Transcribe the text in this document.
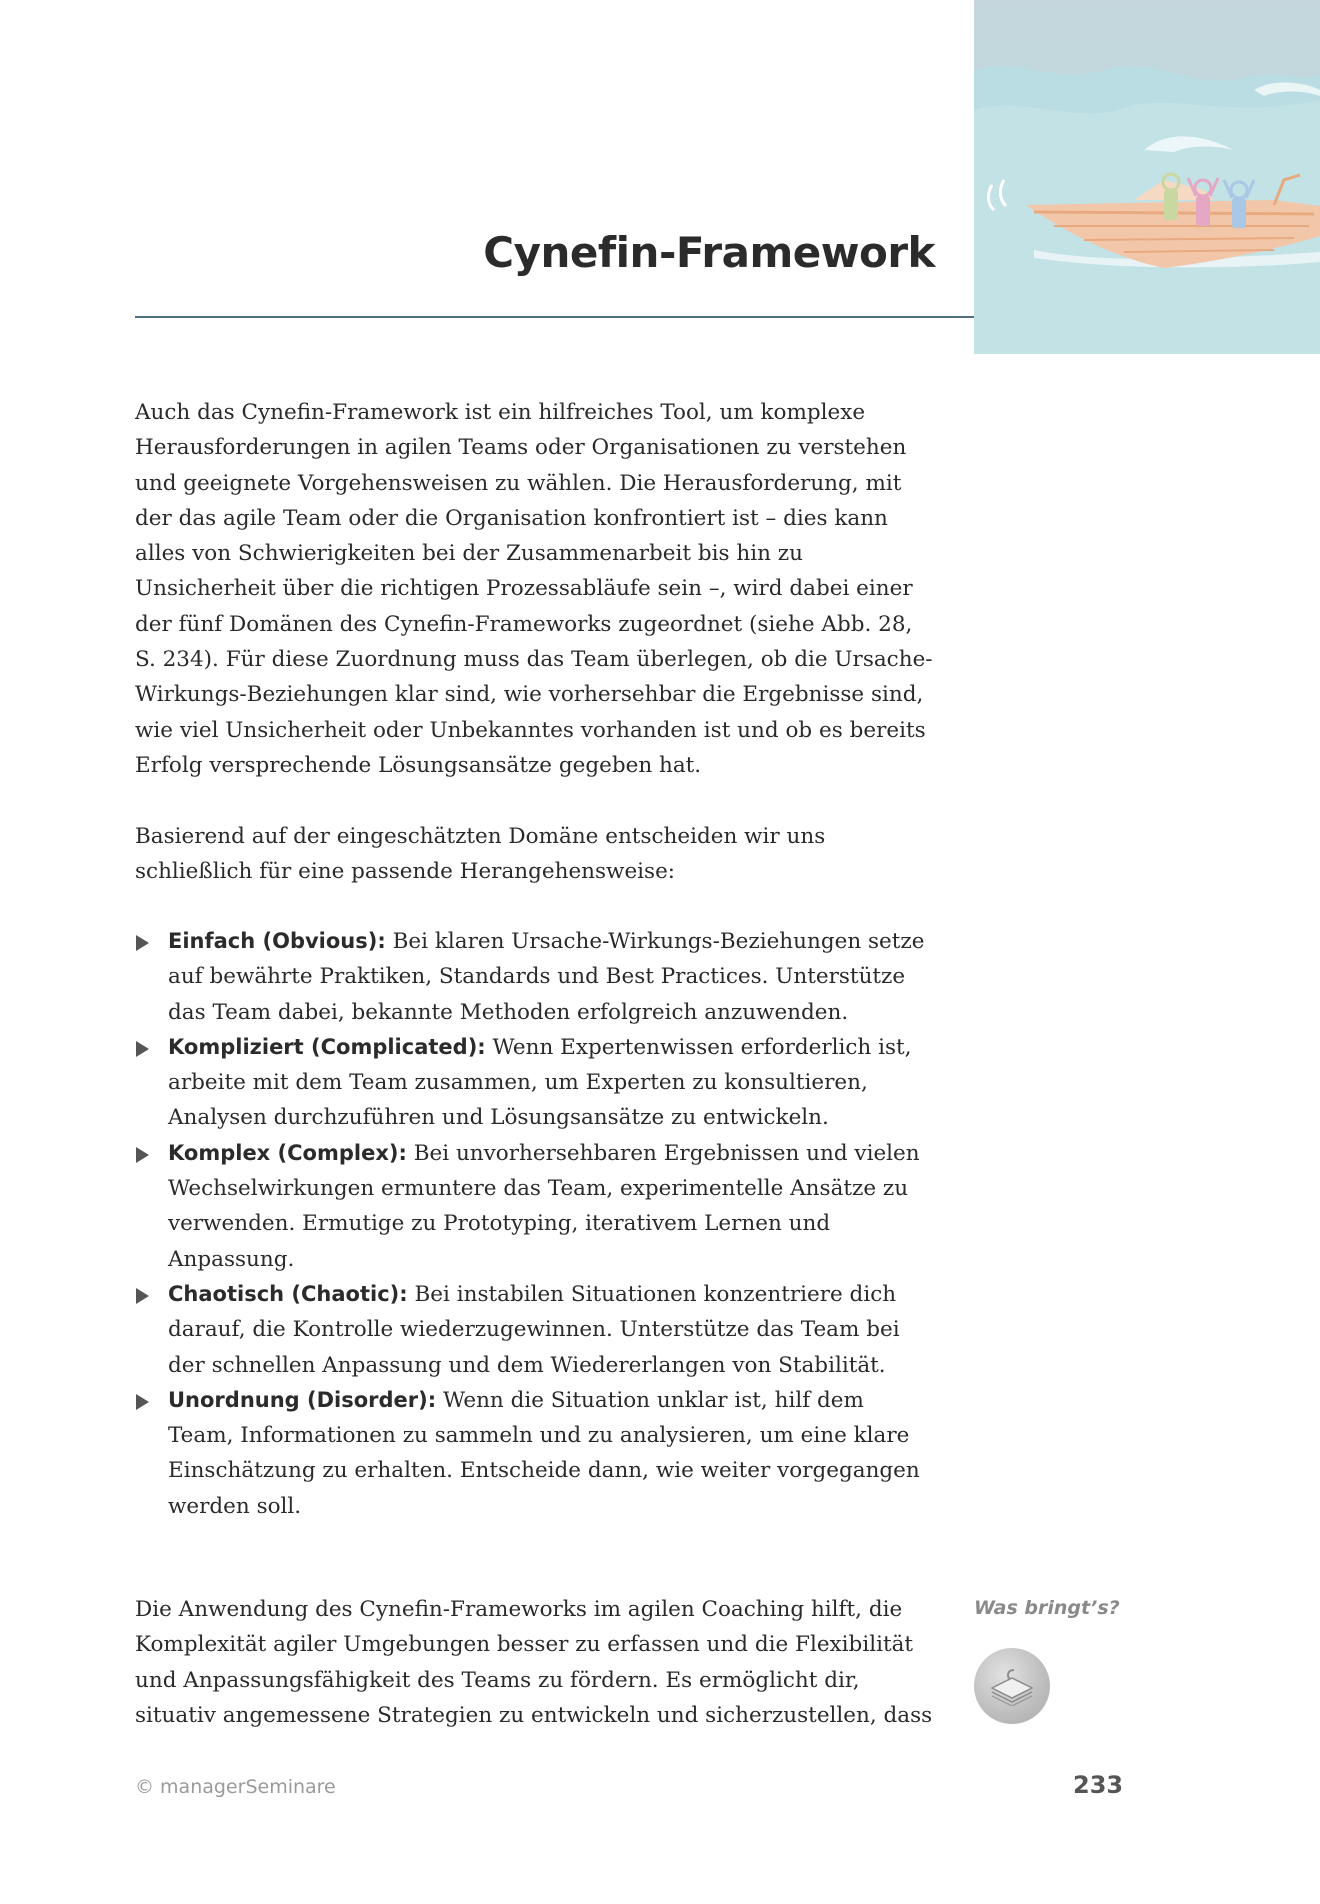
Cynefin-Framework

Auch das Cynefin-Framework ist ein hilfreiches Tool, um komplexe Herausforderungen in agilen Teams oder Organisationen zu verstehen und geeignete Vorgehensweisen zu wählen. Die Herausforderung, mit der das agile Team oder die Organisation konfrontiert ist – dies kann alles von Schwierigkeiten bei der Zusammenarbeit bis hin zu Unsicherheit über die richtigen Prozessabläufe sein –, wird dabei einer der fünf Domänen des Cynefin-Frameworks zugeordnet (siehe Abb. 28, S. 234). Für diese Zuordnung muss das Team überlegen, ob die Ursache-Wirkungs-Beziehungen klar sind, wie vorhersehbar die Ergebnisse sind, wie viel Unsicherheit oder Unbekanntes vorhanden ist und ob es bereits Erfolg versprechende Lösungsansätze gegeben hat.

Basierend auf der eingeschätzten Domäne entscheiden wir uns schließlich für eine passende Herangehensweise:

Einfach (Obvious): Bei klaren Ursache-Wirkungs-Beziehungen setze auf bewährte Praktiken, Standards und Best Practices. Unterstütze das Team dabei, bekannte Methoden erfolgreich anzuwenden.
Kompliziert (Complicated): Wenn Expertenwissen erforderlich ist, arbeite mit dem Team zusammen, um Experten zu konsultieren, Analysen durchzuführen und Lösungsansätze zu entwickeln.
Komplex (Complex): Bei unvorhersehbaren Ergebnissen und vielen Wechselwirkungen ermuntere das Team, experimentelle Ansätze zu verwenden. Ermutige zu Prototyping, iterativem Lernen und Anpassung.
Chaotisch (Chaotic): Bei instabilen Situationen konzentriere dich darauf, die Kontrolle wiederzugewinnen. Unterstütze das Team bei der schnellen Anpassung und dem Wiedererlangen von Stabilität.
Unordnung (Disorder): Wenn die Situation unklar ist, hilf dem Team, Informationen zu sammeln und zu analysieren, um eine klare Einschätzung zu erhalten. Entscheide dann, wie weiter vorgegangen werden soll.

Die Anwendung des Cynefin-Frameworks im agilen Coaching hilft, die Komplexität agiler Umgebungen besser zu erfassen und die Flexibilität und Anpassungsfähigkeit des Teams zu fördern. Es ermöglicht dir, situativ angemessene Strategien zu entwickeln und sicherzustellen, dass

Was bringt’s?
© managerSeminare	233
